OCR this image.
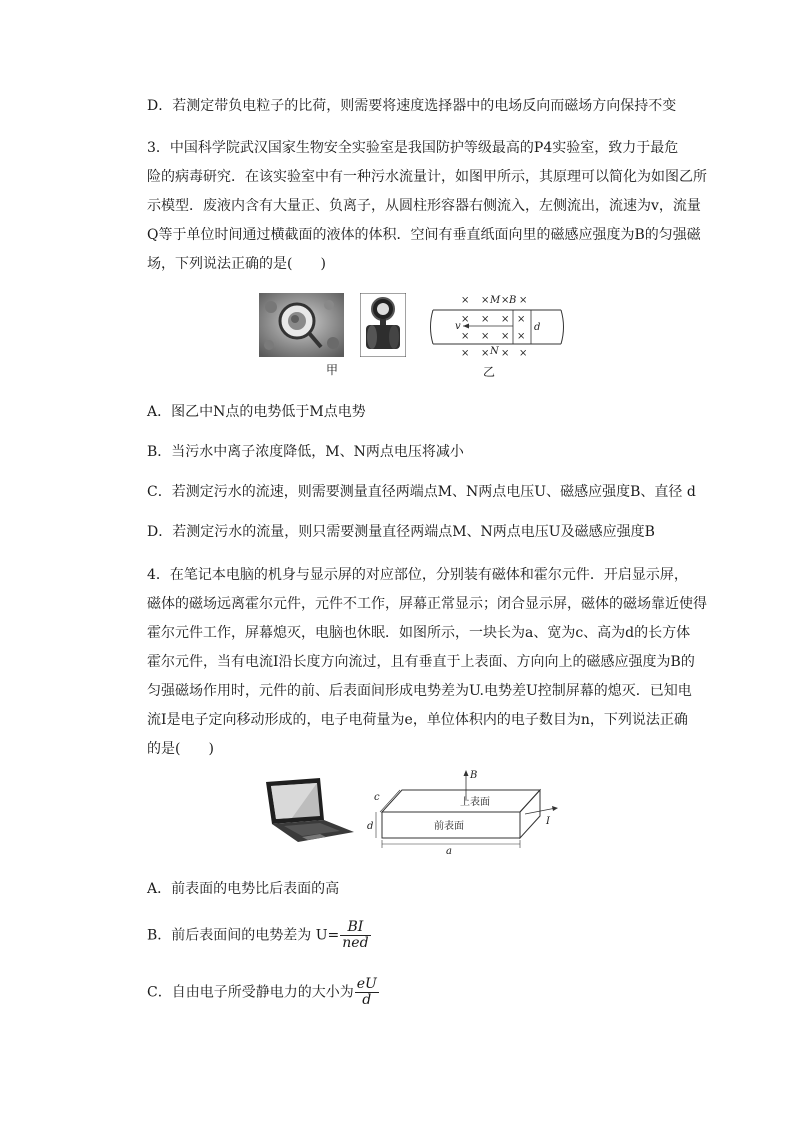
D．若测定带负电粒子的比荷，则需要将速度选择器中的电场反向而磁场方向保持不变
3．中国科学院武汉国家生物安全实验室是我国防护等级最高的P4实验室，致力于最危
险的病毒研究．在该实验室中有一种污水流量计，如图甲所示，其原理可以简化为如图乙所
示模型．废液内含有大量正、负离子，从圆柱形容器右侧流入，左侧流出，流速为v，流量
Q等于单位时间通过横截面的液体的体积．空间有垂直纸面向里的磁感应强度为B的匀强磁
场，下列说法正确的是(　　)
d
v
× × × ×
M B
× × × ×
× × × ×
× × × ×
N
甲	乙
A．图乙中N点的电势低于M点电势
B．当污水中离子浓度降低，M、N两点电压将减小
C．若测定污水的流速，则需要测量直径两端点M、N两点电压U、磁感应强度B、直径 d
D．若测定污水的流量，则只需要测量直径两端点M、N两点电压U及磁感应强度B
4．在笔记本电脑的机身与显示屏的对应部位，分别装有磁体和霍尔元件．开启显示屏，
磁体的磁场远离霍尔元件，元件不工作，屏幕正常显示；闭合显示屏，磁体的磁场靠近使得
霍尔元件工作，屏幕熄灭，电脑也休眠．如图所示，一块长为a、宽为c、高为d的长方体
霍尔元件，当有电流I沿长度方向流过，且有垂直于上表面、方向向上的磁感应强度为B的
匀强磁场作用时，元件的前、后表面间形成电势差为U.电势差U控制屏幕的熄灭．已知电
流I是电子定向移动形成的，电子电荷量为e，单位体积内的电子数目为n，下列说法正确
的是(　　)
B
上表面
前表面	I
c
d
a
A．前表面的电势比后表面的高
B．前后表面间的电势差为 $U= \frac{BI}{\text{ned}}$
C．自由电子所受静电力的大小为 $\frac{eU}{d}$
